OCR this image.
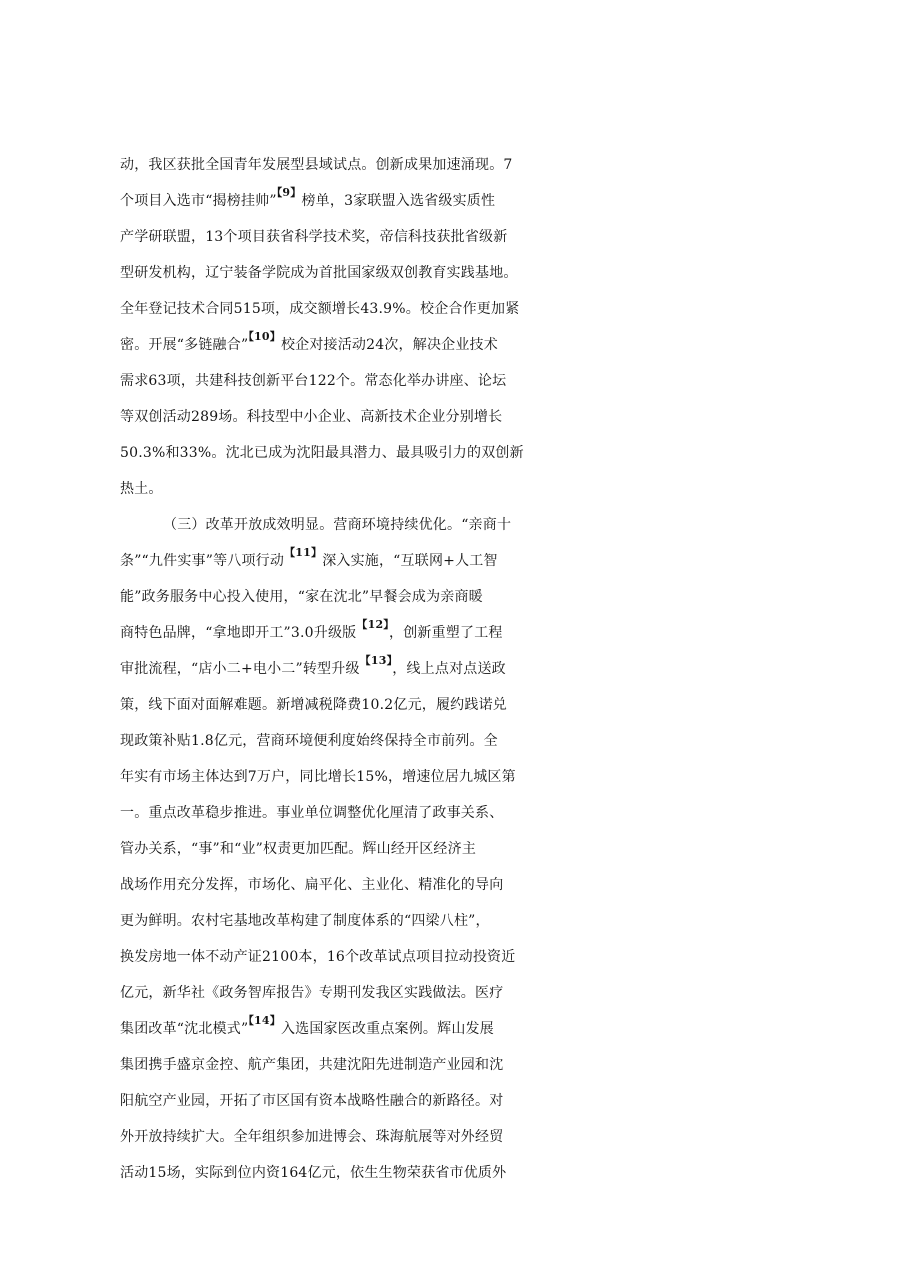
动，我区获批全国青年发展型县域试点。创新成果加速涌现。7
个项目入选市“揭榜挂帅”$^{【9】}$榜单，3家联盟入选省级实质性
产学研联盟，13个项目获省科学技术奖，帝信科技获批省级新
型研发机构，辽宁装备学院成为首批国家级双创教育实践基地。
全年登记技术合同515项，成交额增长43.9%。校企合作更加紧
密。开展“多链融合”$^{【10】}$校企对接活动24次，解决企业技术
需求63项，共建科技创新平台122个。常态化举办讲座、论坛
等双创活动289场。科技型中小企业、高新技术企业分别增长
50.3%和33%。沈北已成为沈阳最具潜力、最具吸引力的双创新
热土。
（三）改革开放成效明显。营商环境持续优化。“亲商十
条”“九件实事”等八项行动$^{【11】}$深入实施，“互联网+人工智
能”政务服务中心投入使用，“家在沈北”早餐会成为亲商暖
商特色品牌，“拿地即开工”3.0升级版$^{【12】}$，创新重塑了工程
审批流程，“店小二+电小二”转型升级$^{【13】}$，线上点对点送政
策，线下面对面解难题。新增减税降费10.2亿元，履约践诺兑
现政策补贴1.8亿元，营商环境便利度始终保持全市前列。全
年实有市场主体达到7万户，同比增长15%，增速位居九城区第
一。重点改革稳步推进。事业单位调整优化厘清了政事关系、
管办关系，“事”和“业”权责更加匹配。辉山经开区经济主
战场作用充分发挥，市场化、扁平化、主业化、精准化的导向
更为鲜明。农村宅基地改革构建了制度体系的“四梁八柱”，
换发房地一体不动产证2100本，16个改革试点项目拉动投资近
亿元，新华社《政务智库报告》专期刊发我区实践做法。医疗
集团改革“沈北模式”$^{【14】}$入选国家医改重点案例。辉山发展
集团携手盛京金控、航产集团，共建沈阳先进制造产业园和沈
阳航空产业园，开拓了市区国有资本战略性融合的新路径。对
外开放持续扩大。全年组织参加进博会、珠海航展等对外经贸
活动15场，实际到位内资164亿元，依生生物荣获省市优质外
